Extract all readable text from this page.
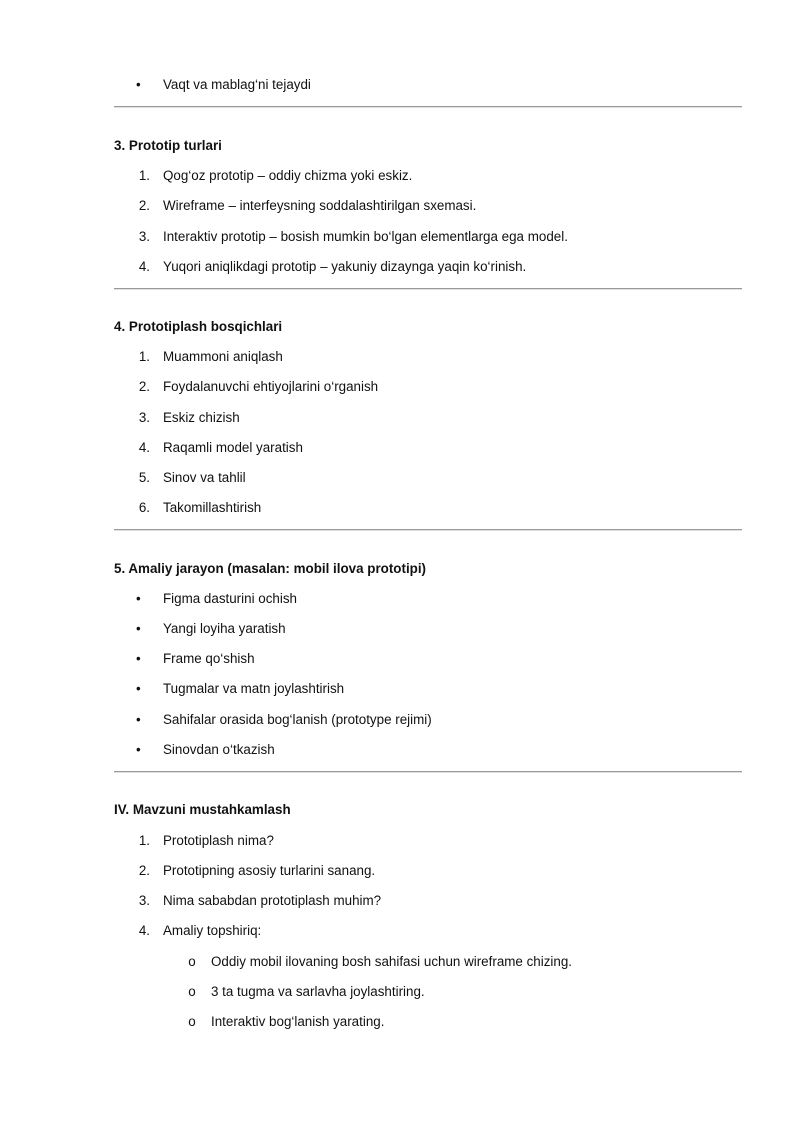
•	Vaqt va mablag‘ni tejaydi
3. Prototip turlari
1. Qog‘oz prototip – oddiy chizma yoki eskiz.
2. Wireframe – interfeysning soddalashtirilgan sxemasi.
3. Interaktiv prototip – bosish mumkin bo‘lgan elementlarga ega model.
4. Yuqori aniqlikdagi prototip – yakuniy dizaynga yaqin ko‘rinish.
4. Prototiplash bosqichlari
1. Muammoni aniqlash
2. Foydalanuvchi ehtiyojlarini o‘rganish
3. Eskiz chizish
4. Raqamli model yaratish
5. Sinov va tahlil
6. Takomillashtirish
5. Amaliy jarayon (masalan: mobil ilova prototipi)
•	Figma dasturini ochish
•	Yangi loyiha yaratish
•	Frame qo‘shish
•	Tugmalar va matn joylashtirish
•	Sahifalar orasida bog‘lanish (prototype rejimi)
•	Sinovdan o‘tkazish
IV. Mavzuni mustahkamlash
1. Prototiplash nima?
2. Prototipning asosiy turlarini sanang.
3. Nima sababdan prototiplash muhim?
4. Amaliy topshiriq:
o Oddiy mobil ilovaning bosh sahifasi uchun wireframe chizing.
o 3 ta tugma va sarlavha joylashtiring.
o Interaktiv bog‘lanish yarating.
